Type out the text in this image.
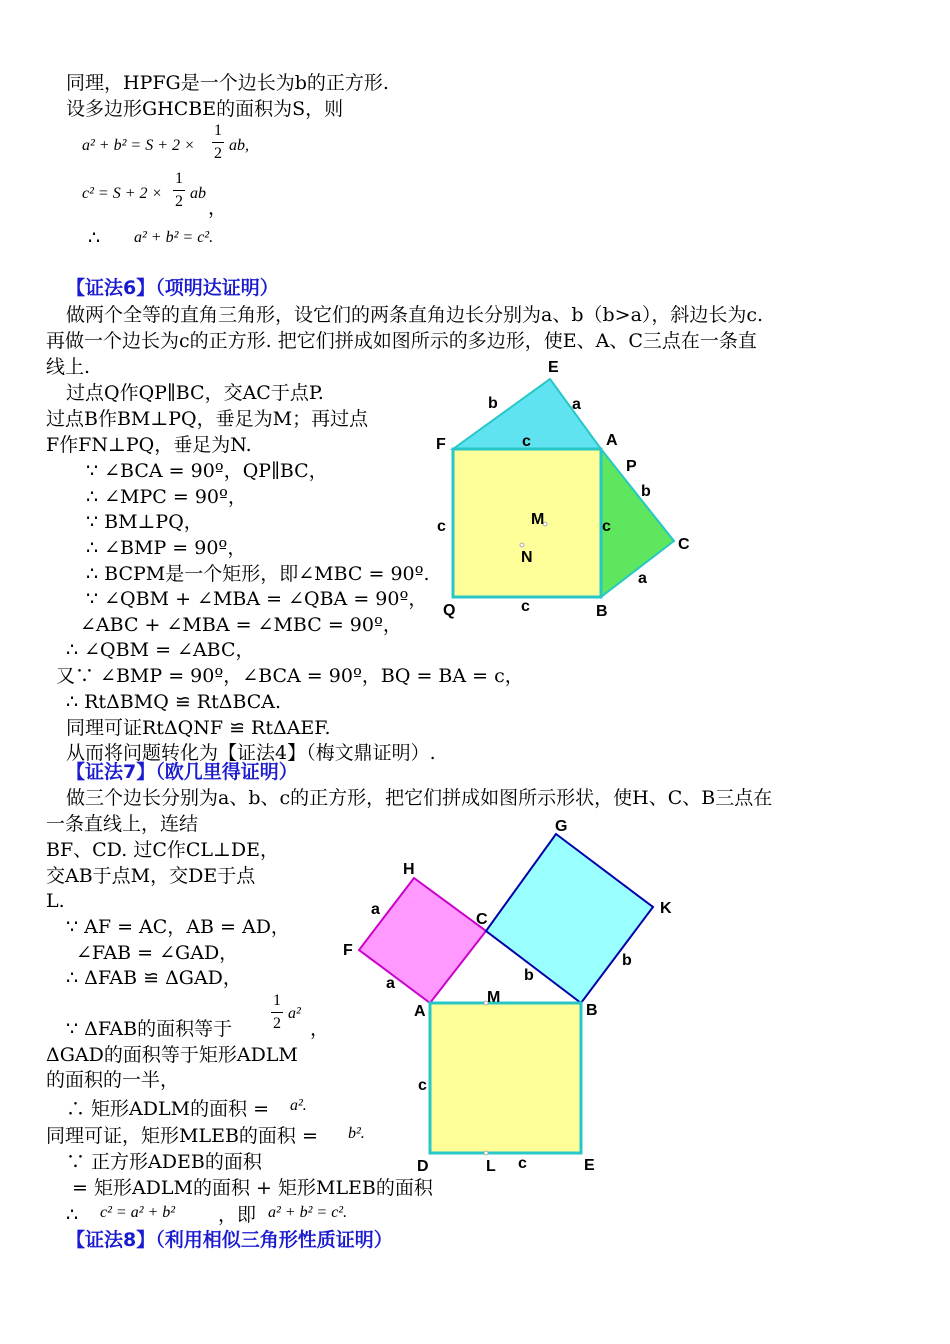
同理，HPFG是一个边长为b的正方形.
设多边形GHCBE的面积为S，则
a² + b² = S + 2 ×
1
2 ab,
c² = S + 2 ×
1
2 ab
，
∴ a² + b² = c².
【证法6】（项明达证明）
做两个全等的直角三角形，设它们的两条直角边长分别为a、b（b>a），斜边长为c.
再做一个边长为c的正方形. 把它们拼成如图所示的多边形，使E、A、C三点在一条直
线上.
过点Q作QP∥BC，交AC于点P.
过点B作BM⊥PQ，垂足为M；再过点
F作FN⊥PQ，垂足为N.
∵ ∠BCA = 90º，QP∥BC，
∴ ∠MPC = 90º，
∵ BM⊥PQ，
∴ ∠BMP = 90º，
∴ BCPM是一个矩形，即∠MBC = 90º.
∵ ∠QBM + ∠MBA = ∠QBA = 90º，
∠ABC + ∠MBA = ∠MBC = 90º，
∴ ∠QBM = ∠ABC，
又∵ ∠BMP = 90º，∠BCA = 90º，BQ = BA = c，
∴ RtΔBMQ ≌ RtΔBCA.
同理可证RtΔQNF ≌ RtΔAEF.
从而将问题转化为【证法4】（梅文鼎证明）.
E
b	a
F	c	A
P
b
c	M	c
C
N
a
Q	c	B
【证法7】（欧几里得证明）
做三个边长分别为a、b、c的正方形，把它们拼成如图所示形状，使H、C、B三点在
一条直线上，连结
BF、CD. 过C作CL⊥DE，
交AB于点M，交DE于点
L.
∵ AF = AC，AB = AD，
∠FAB = ∠GAD，
∴ ΔFAB ≌ ΔGAD，
∵ ΔFAB的面积等于
1
2
a²
，
ΔGAD的面积等于矩形ADLM
的面积的一半，
∴ 矩形ADLM的面积 = a².
同理可证，矩形MLEB的面积 = b².
∵ 正方形ADEB的面积
= 矩形ADLM的面积 + 矩形MLEB的面积
∴ c² = a² + b² ，即 a² + b² = c².
G
H
K
a
C
F
b
b
a
M
A	B
c
D	L c	E
【证法8】（利用相似三角形性质证明）
